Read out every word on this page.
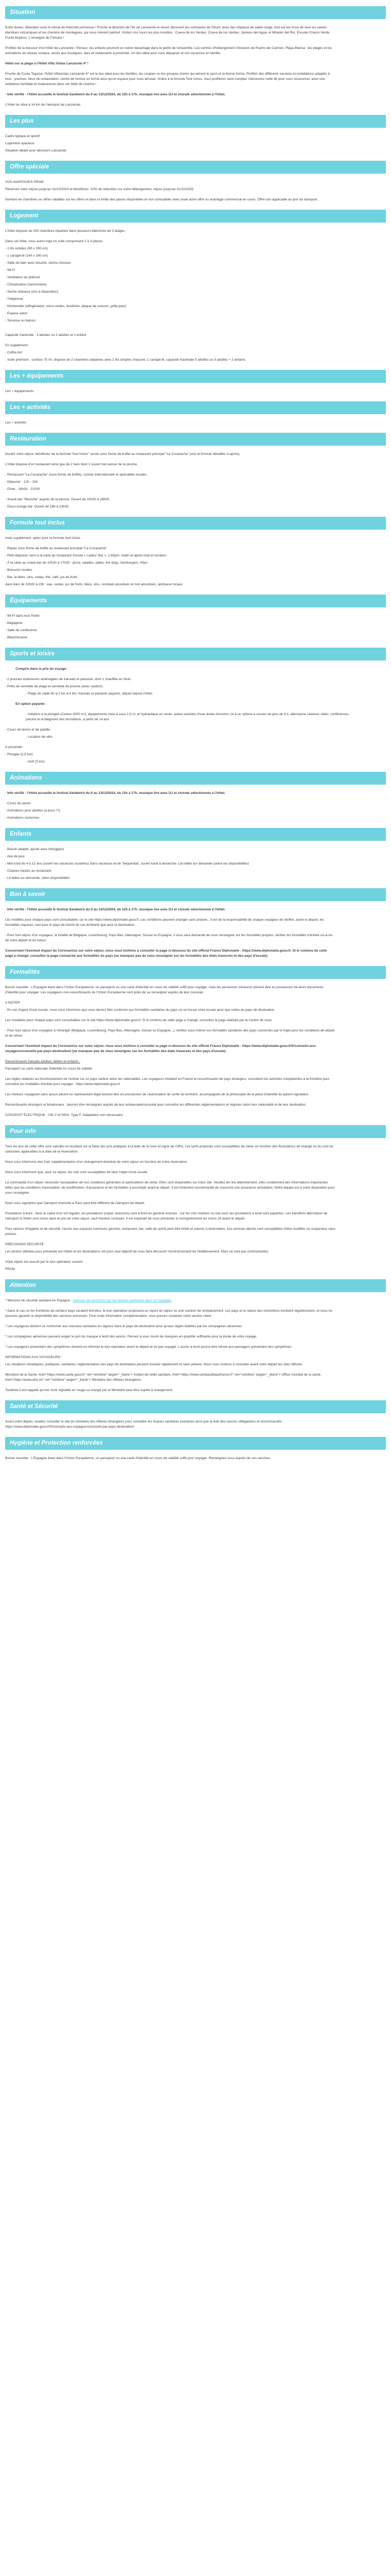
Situation

Entre dunes, détendez-vous le climat de Hammet promesse ! Proche la direction de l'île de Lanzarote et venez découvrir les contrastes de Ghuni, avec des hôpitaux de sable rouge, tout sur les trous de lave les vastes étendues volcaniques et les chemins de montagnes, qui vous mènent partout. Visitez nos cours les plus insolites : Cueva de los Verdes, Cueva de los Verdes, Jameos del Agua, et Mirador del Rio, Ensuite Charco Verde, Punta Mujeres. L'enseigne de Famara !

Profitez de la douceur d'un hôtel de Lanzarote ! Pensez, les enfants pourront en retirer davantage dans le jardin de l'ensemble. Les centres d'hébergement d'évasion de Puerto del Carmen, Playa Blanca : les plages et les animations en réseau sociaux, accès aux boutiques, bars et restaurants à proximité. Un lieu idéal pour vous dépayser et vos vacances en famille.

Hôtel sur la plage à l'Hôtel Villa Vistas Lanzarote 4* !

Proche de Costa Teguise, l'hôtel Villavistas Lanzarote 4* est le lieu idéal pour les familles, les couples ou les groupes d'amis qui aiment le sport et la bonne forme. Profitez des différents services et installations adaptés à tous : piscines, lieux de restauration, centre de remise en forme ainsi qu'un espace pour vous amuser. Grâce à la formule Tout Inclus, vous profiterez sans compter. Découvrez cette île pour vous ressourcer, avec une ambiance familiale et chaleureuse dans cet hôtel de charme !

- Info vérifié : l'hôtel accueille le festival Sandwich du 9 au 13/12/2024, de 12h à 17h, musique live avec DJ et chorale sélectionnée à l'hôtel.

L'hôtel se situe à 14 km de l'aéroport de Lanzarote.

Les plus

Cadre typique et sportif

Logement spacieux

Situation idéale pour découvrir Lanzarote

Offre spéciale

VOS AVANTAGES PRAM

Réservez votre séjour jusqu'au 31/10/2024 et bénéficiez -10% de réduction sur votre hébergement, séjour jusqu'au 31/10/2025.

Nombre de chambres ou offres valables sur les offres et dans la limite des places disponibles et non cumulables avec toute autre offre ou avantage commercial en cours. Offre non applicable au prix du transport.

Logement

L'hôtel dispose de 150 chambres réparties dans plusieurs bâtiments de 2 étages.

Dans cet hôtel, vous aurez logé en suite comprenant 2 à 3 pièces :

- 2 lits simples (90 x 190 cm)

- 1 canapé-lit (140 x 190 cm)

- Salle de bain avec douche, sèche-cheveux

- Wi-Fi

- Ventilateur au plafond

- Climatisation (saisonnière)

- Sèche-cheveux (mis à disposition)

- Téléphone

- Kitchenette (réfrigérateur, micro-ondes, bouilloire, plaque de cuisson, grille-pain)

- Espace salon

- Terrasse ou balcon

Capacité maximale : 3 adultes ou 2 adultes et 1 enfant.

En supplément :

- Coffre-fort

- Suite premium : surface 75 m², dispose de 2 chambres séparées avec 2 lits simples chacune, 1 canapé-lit, capacité maximale 5 adultes ou 3 adultes + 2 enfants.

Les + équipements

Les + équipements

Les + activités

Les + activités

Restauration

Durant votre séjour, bénéficiez de la formule "tout inclus" servie sous forme de buffet au restaurant principal "La Cucaracha" (voir la formule détaillée ci-après).

L'hôtel dispose d'un restaurant ainsi que de 2 bars dont 1 ouvert tout autour de la piscine.

- Restaurant "La Cucaracha" (sous forme de buffet), cuisine internationale et spécialités locales.

- Déjeuner : 12h - 15h

- Dîner : 18h30 - 21h30

- Snack-bar "Munchie" auprès de la piscine. Ouvert de 10h30 à 18h00.

- Disco-lounge bar. Ouvert de 18h à 23h30.

Formule tout inclus

Avec supplément, optez pour la formule tout inclus :

- Repas sous forme de buffet au restaurant principal "La Cucaracha"

- Petit-déjeuner servi à la carte au restaurant Sunset « Ladies' Bar », 1-60pm, matin et après-midi et horaires

- À la carte au snack-bar de 10h30 à 17h30 : pizza, salades, pâtes, hot dogs, hamburgers, frites

- Boissons locales

- Bar, la bière, vins, sodas, thé, café, jus de fruits

dans bars de 10h00 à 23h : eau, sodas, jus de fruits, bière, vins, cocktails alcoolisés et non alcoolisés, spiritueux locaux

Équipements

- Wi-Fi dans tout l'hôtel

- Bagagerie

- Salle de conférence

- Blanchisserie

Sports et loisirs

Compris dans le prix du voyage :

- 2 piscines extérieures aménagées de transats et parasols, dont 1 chauffée en hiver.

- Prêts de serviette de plage et serviette de piscine (avec caution).

- Plage de sable fin à 2 km à 4 km, transats et parasols payants, départ depuis l'hôtel.

En option payante :

- Initiation à la plongée (Centre 3000 m²), équipements mise à sous 1,5 m, et hydraulique en vente, autres activités d'une durée d'environ 1h à un rythme à cosses de plus de 8 h, alternance séances vidéo, conférences, piscine et la baignoire des formations, à partir de 14 ans

- Cours de tennis et de paddle

- Location de vélo

À proximité :

- Plongée (2,5 km)

- Golf (5 km)

Animations

- Info vérifié : l'hôtel accueille le festival Sandwich du 9 au 13/12/2024, de 12h à 17h, musique live avec DJ et chorale sélectionnée à l'hôtel.

- Cours de sports

- Animations pour adultes (à jours !?).

- Animations nocturnes

Enfants

- Bassin adapté, ajouté avec toboggans

- Aire de jeux

- Mini-club de 4 à 12 ans (ouvert les vacances scolaires) Sans vacances et de 'Sequential', ouvert lundi à dimanche. Lits bébé sur demande (selon les disponibilités)

- Chaises hautes au restaurant

- Lit bébé sur demande, selon disponibilités

Bon à savoir

- Info vérifié : l'hôtel accueille le festival Sandwich du 9 au 13/12/2024, de 12h à 17h, musique live avec DJ et chorale sélectionnée à l'hôtel.

Lits modifiés pour chaque pays sont consultables sur le site https://www.diplomatie.gouv.fr. Les conditions peuvent changer sans préavis ; il est de la responsabilité de chaque voyageur de vérifier, avant le départ, les formalités requises, tant pour le pays de transit (le cas échéant) que pour la destination.

- Pour tout séjour d'un voyageur, la totalité de Belgique, Luxembourg, Pays-Bas, Allemagne, Suisse ou Espagne, il vous sera demandé de vous renseigner sur les formalités propres, vérifiez les formalités d'entrée vis-à-vis de votre départ et du retour.

Concernant l'éventuel impact du Coronavirus sur votre séjour, nous vous invitons à consulter la page ci-dessous du site officiel France Diplomatie : https://www.diplomatie.gouv.fr. Si le contenu de cette page a changé, consultez la page consacrée aux formalités du pays (ne manquez pas de vous renseigner sur les formalités des états traversés et des pays d'escale).

Formalités

Bonne nouvelle : L'Espagne étant dans l'Union Européenne, un passeport ou une carte d'identité en cours de validité suffit pour voyager, mais les personnes mineures doivent être en possession de leurs documents d'identité pour voyager. Les voyageurs non-ressortissants de l'Union Européenne sont priés de se renseigner auprès de leur consulat.

A NOTER

- En cas d'ajout d'une escale, nous vous informons que vous devrez être conforme aux formalités sanitaires du pays où se trouve votre escale ainsi que celles du pays de destination.

Les modalités pour chaque pays sont consultables sur le site https://www.diplomatie.gouv.fr. Si le contenu de cette page a changé, consultez la page réalisée par le Centre de crise.

- Pour tout séjour d'un voyageur à l'étranger (Belgique, Luxembourg, Pays-Bas, Allemagne, Suisse ou Espagne...), vérifiez vous-même vos formalités sanitaires des pays concernés par le trajet pour les conditions de départ et de retour.

Concernant l'éventuel impact du Coronavirus sur votre séjour, nous vous invitons à consulter la page ci-dessous du site officiel France Diplomatie : https://www.diplomatie.gouv.fr/fr/conseils-aux-voyageurs/conseils-par-pays-destination/ (ne manquez pas de vous renseigner sur les formalités des états traversés et des pays d'escale).

Ressortissants français adultes, bébés et enfants :

Passeport ou carte nationale d'identité en cours de validité.

Les règles relatives au fonctionnement de l'entrée sur un pays varient selon les nationalités. Les voyageurs résidant en France et ressortissants de pays étrangers, consultent les autorités compétentes à la frontière pour connaître les modalités d'entrée pour voyager : https://www.diplomatie.gouv.fr

Les mineurs voyageant sans aucun parent ou représentant légal doivent être en possession de l'autorisation de sortie du territoire, accompagnée de la photocopie de la pièce d'identité du parent signataire.

Ressortissants étrangers et binationaux : devront être renseignés auprès de leur ambassade/consulat pour connaître les différentes réglementations et régimes selon leur nationalité et de leur destination.

COVOOVIT ÉLECTRIQUE : 230 V et 50Hz. Type F. Adaptateur non nécessaire.

Pour info

Tous les prix de cette offre sont calculés et résultant sur la base des prix pratiqués à la date de la mise en ligne de l'offre. Les tarifs proposés sont susceptibles de varier en fonction des fluctuations de change ou du coût du carburant, applicables à la date de la réservation.

Nous vous informons des frais supplémentaires d'un changement éventuel de votre séjour en fonction de votre réservation.

Nous vous informons que, pour ce séjour, les vols sont susceptibles de faire l'objet d'une escale.

La commande d'un séjour nécessite l'acceptation de nos conditions générales et particulières de vente. Elles sont disponibles sur notre site. Veuillez les lire attentivement, elles contiennent des informations importantes telles que les conditions d'annulation, de modification, d'assurance et les formalités à accomplir avant le départ. Il est fortement recommandé de souscrire une assurance annulation. Notre équipe est à votre disposition pour vous renseigner.

Nous vous signalons que l'aéroport d'arrivée à Paris peut être différent de l'aéroport de départ.

Prestations à bord : dans le cadre d'un vol régulier, les prestations (repas, boissons) sont à bord en général incluses ; sur les vols charters ou low-cost, les prestations à bord sont payantes. Les transferts aller/retour de l'aéroport à l'hôtel sont inclus dans le prix de votre séjour, sauf mention contraire. Il est impératif de vous présenter à l'enregistrement au moins 2h avant le départ.

Pour raisons d'hygiène et de sécurité, l'accès aux espaces communs (piscine, restaurant, bar, salle de sport) peut être limité et soumis à réservation. Les services décrits sont susceptibles d'être modifiés ou suspendus sans préavis.

PRÉCISIONS SÉCURITÉ

Les photos utilisées pour présenter les hôtels et les destinations ont pour seul objectif de vous faire découvrir l'environnement de l'établissement. Elles ne sont pas contractuelles.

Votre séjour est assuré par le tour-opérateur suivant :

PRAM

Attention

* Mesures de sécurité sanitaire en Espagne : mesures de restriction sur les liaisons aériennes dans les bagages

* Dans le cas où les frontières de certains pays seraient fermées, le tour-opérateur proposera un report du séjour ou une solution de remplacement. Les pays et la nature des restrictions évoluent régulièrement, et nous ne pouvons garantir la disponibilité des services annoncés. Pour toute information complémentaire, vous pouvez contacter notre service client.

* Les voyageurs doivent se conformer aux mesures sanitaires en vigueur dans le pays de destination ainsi qu'aux règles établies par les compagnies aériennes.

* Les compagnies aériennes peuvent exiger le port du masque à bord des avions. Pensez à vous munir de masques en quantité suffisante pour la durée de votre voyage.

* Les voyageurs présentant des symptômes doivent en informer le tour-opérateur avant le départ et ne pas voyager. L'accès à bord pourra être refusé aux passagers présentant des symptômes.

INFORMATIONS AUX VOYAGEURS :

Les situations climatiques, politiques, sanitaires, réglementaires des pays de destination peuvent évoluer rapidement et sans préavis. Nous vous invitons à consulter avant votre départ les sites officiels.

Ministère de la Santé, href="https://www.sante.gouv.fr" rel="nofollow" target="_blank"> Institut de veille sanitaire, href="https://www.santepubliquefrance.fr" rel="nofollow" target="_blank"> Office mondial de la santé, href="https://www.who.int" rel="nofollow" target="_blank"> Ministère des Affaires étrangères.

Toutefois il est rappelé qu'une zone signalée en rouge ou orange par le Ministère peut être sujette à changement.

Santé et Sécurité

Avant votre départ, veuillez consulter le site du ministère des Affaires étrangères pour connaître les risques sanitaires éventuels ainsi que la liste des vaccins obligatoires et recommandés : https://www.diplomatie.gouv.fr/fr/conseils-aux-voyageurs/conseils-par-pays-destination/

Hygiène et Protection renforcées

Bonne nouvelle : L'Espagne étant dans l'Union Européenne, un passeport ou une carte d'identité en cours de validité suffit pour voyager. Renseignez-vous auprès de nos services.
